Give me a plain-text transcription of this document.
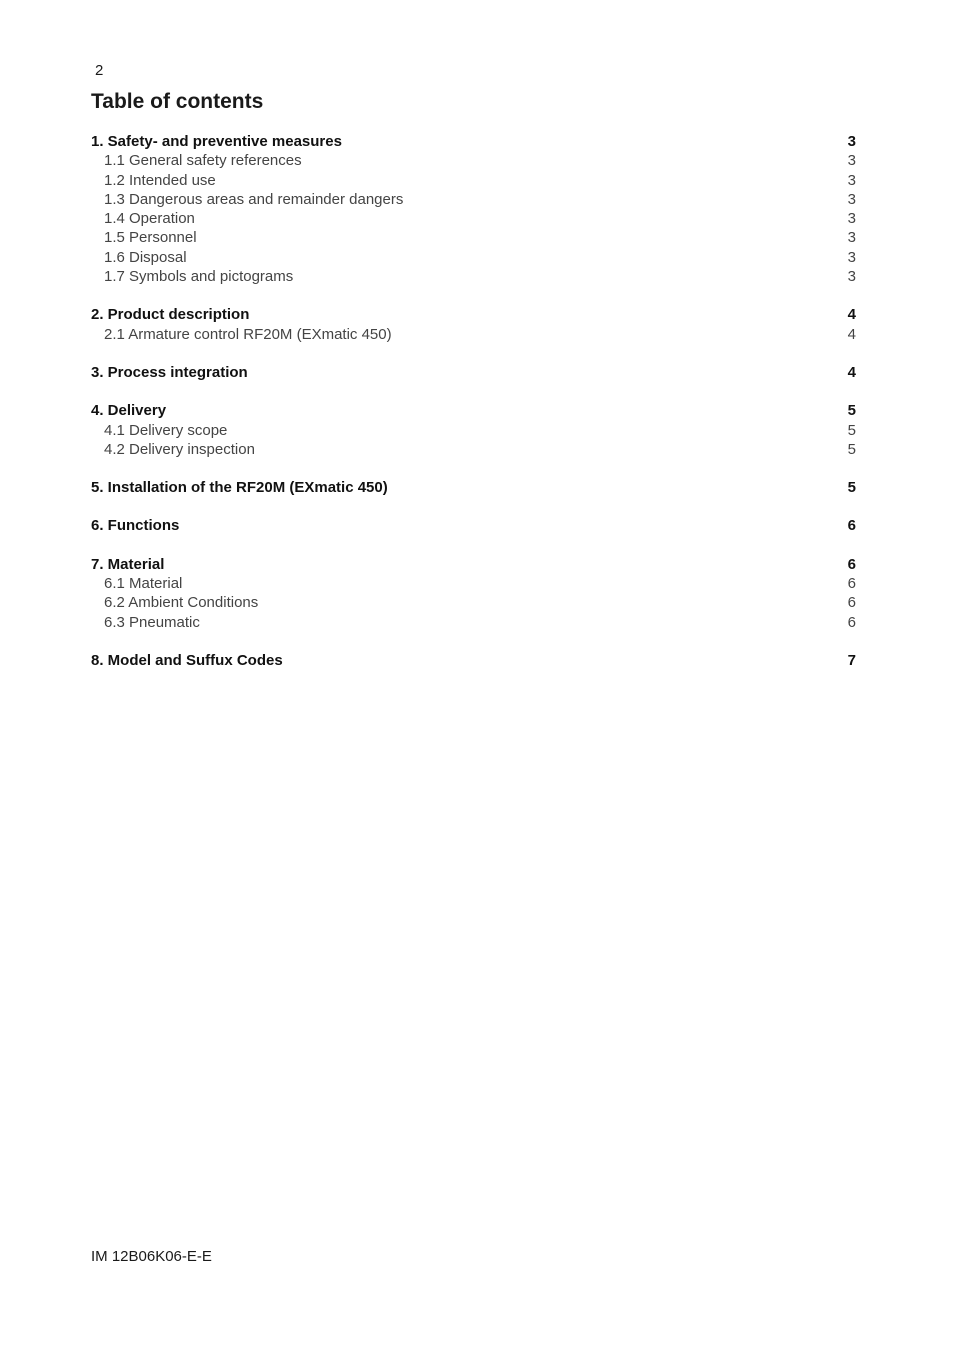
2
Table of contents
1. Safety- and preventive measures	3
1.1 General safety references	3
1.2 Intended use	3
1.3 Dangerous areas and remainder dangers	3
1.4 Operation	3
1.5 Personnel	3
1.6 Disposal	3
1.7 Symbols and pictograms	3
2. Product description	4
2.1 Armature control RF20M (EXmatic 450)	4
3. Process integration	4
4. Delivery	5
4.1 Delivery scope	5
4.2 Delivery inspection	5
5. Installation of the RF20M (EXmatic 450)	5
6. Functions	6
7. Material	6
6.1 Material	6
6.2 Ambient Conditions	6
6.3 Pneumatic	6
8. Model and Suffux Codes	7
IM 12B06K06-E-E
